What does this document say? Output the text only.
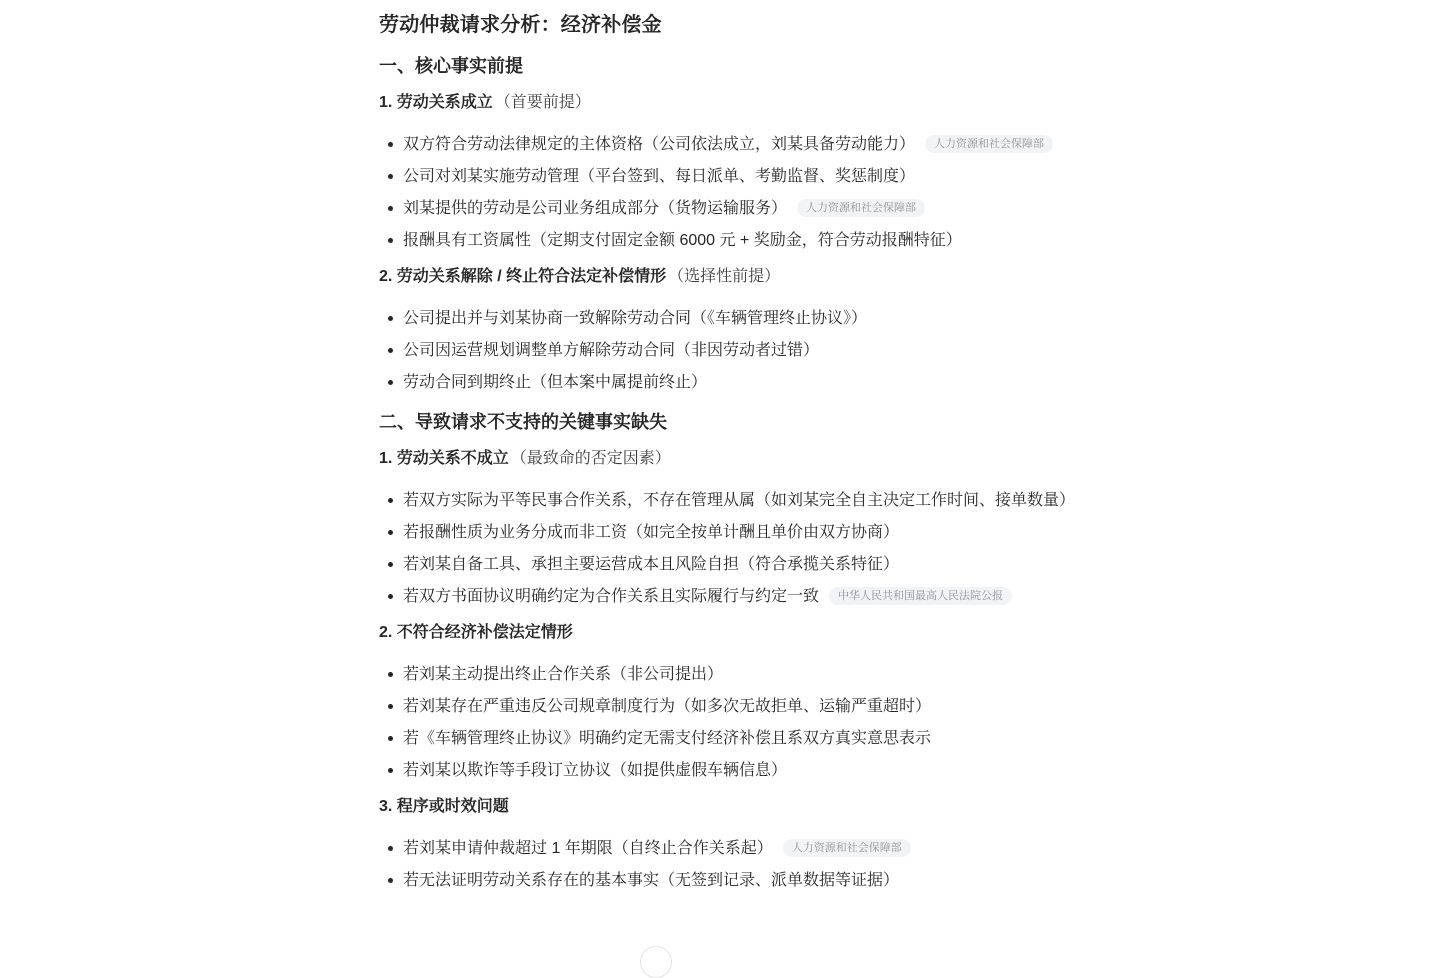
劳动仲裁请求分析：经济补偿金
一、核心事实前提
1. 劳动关系成立 （首要前提）
双方符合劳动法律规定的主体资格（公司依法成立，刘某具备劳动能力） 人力资源和社会保障部
公司对刘某实施劳动管理（平台签到、每日派单、考勤监督、奖惩制度）
刘某提供的劳动是公司业务组成部分（货物运输服务） 人力资源和社会保障部
报酬具有工资属性（定期支付固定金额 6000 元 + 奖励金，符合劳动报酬特征）
2. 劳动关系解除 / 终止符合法定补偿情形 （选择性前提）
公司提出并与刘某协商一致解除劳动合同（《车辆管理终止协议》）
公司因运营规划调整单方解除劳动合同（非因劳动者过错）
劳动合同到期终止（但本案中属提前终止）
二、导致请求不支持的关键事实缺失
1. 劳动关系不成立 （最致命的否定因素）
若双方实际为平等民事合作关系，不存在管理从属（如刘某完全自主决定工作时间、接单数量）
若报酬性质为业务分成而非工资（如完全按单计酬且单价由双方协商）
若刘某自备工具、承担主要运营成本且风险自担（符合承揽关系特征）
若双方书面协议明确约定为合作关系且实际履行与约定一致 中华人民共和国最高人民法院公报
2. 不符合经济补偿法定情形
若刘某主动提出终止合作关系（非公司提出）
若刘某存在严重违反公司规章制度行为（如多次无故拒单、运输严重超时）
若《车辆管理终止协议》明确约定无需支付经济补偿且系双方真实意思表示
若刘某以欺诈等手段订立协议（如提供虚假车辆信息）
3. 程序或时效问题
若刘某申请仲裁超过 1 年期限（自终止合作关系起） 人力资源和社会保障部
若无法证明劳动关系存在的基本事实（无签到记录、派单数据等证据）
